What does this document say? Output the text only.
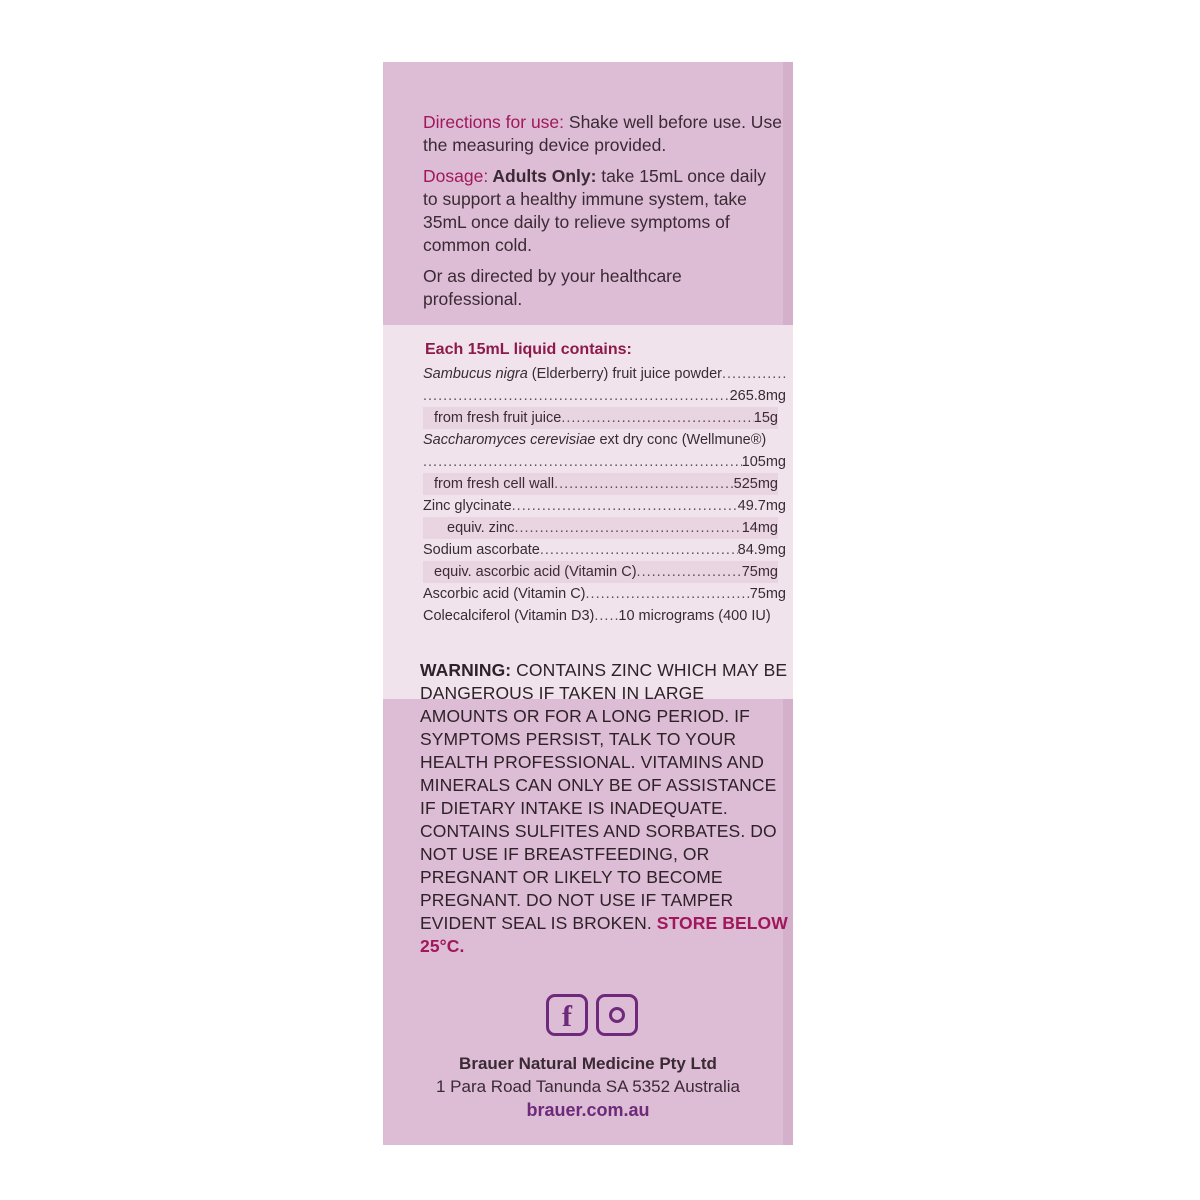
Directions for use: Shake well before use. Use the measuring device provided.

Dosage: Adults Only: take 15mL once daily to support a healthy immune system, take 35mL once daily to relieve symptoms of common cold.

Or as directed by your healthcare professional.

Each 15mL liquid contains:
Sambucus nigra (Elderberry) fruit juice powder
.....
.....
265.8mg
from fresh fruit juice .....	15g
Saccharomyces cerevisiae ext dry conc (Wellmune®)
.....
105mg
from fresh cell wall .....	525mg
Zinc glycinate .....	49.7mg
equiv. zinc .....	14mg
Sodium ascorbate .....	84.9mg
equiv. ascorbic acid (Vitamin C) .....	75mg
Ascorbic acid (Vitamin C) .....	75mg
Colecalciferol (Vitamin D3) ..... 10 micrograms (400 IU)
WARNING: CONTAINS ZINC WHICH MAY BE DANGEROUS IF TAKEN IN LARGE AMOUNTS OR FOR A LONG PERIOD. IF SYMPTOMS PERSIST, TALK TO YOUR HEALTH PROFESSIONAL. VITAMINS AND MINERALS CAN ONLY BE OF ASSISTANCE IF DIETARY INTAKE IS INADEQUATE. CONTAINS SULFITES AND SORBATES. DO NOT USE IF BREASTFEEDING, OR PREGNANT OR LIKELY TO BECOME PREGNANT. DO NOT USE IF TAMPER EVIDENT SEAL IS BROKEN. STORE BELOW 25°C.
f
Brauer Natural Medicine Pty Ltd
1 Para Road Tanunda SA 5352 Australia
brauer.com.au
